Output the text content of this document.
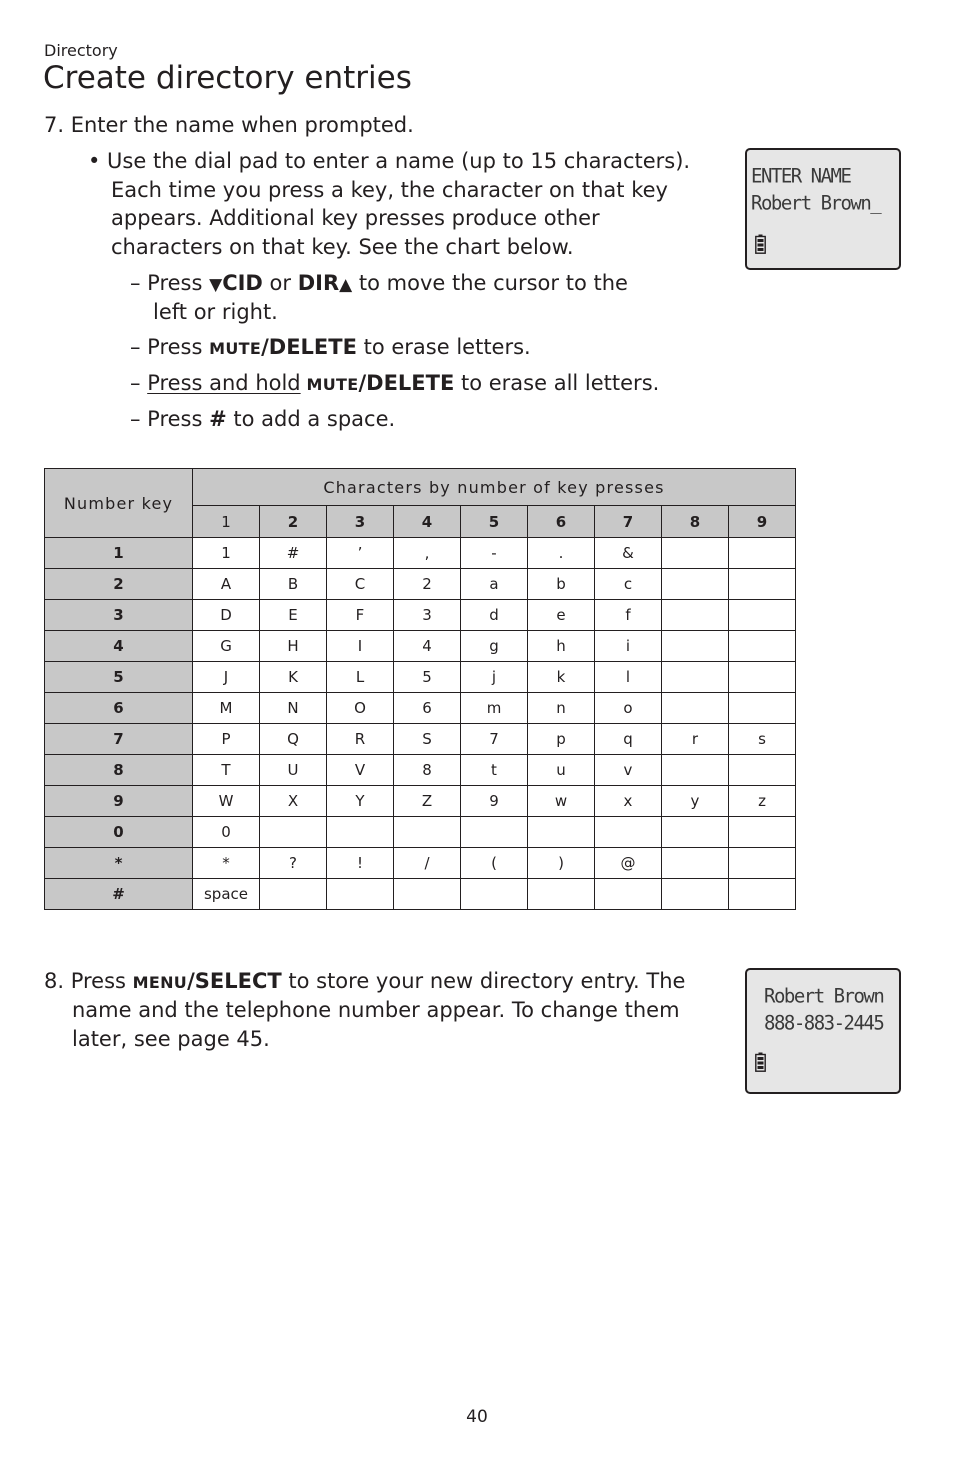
Directory
Create directory entries
7. Enter the name when prompted.
• Use the dial pad to enter a name (up to 15 characters).
Each time you press a key, the character on that key
appears. Additional key presses produce other
characters on that key. See the chart below.
– Press ▼CID or DIR▲ to move the cursor to the
left or right.
– Press MUTE/DELETE to erase letters.
– Press and hold MUTE/DELETE to erase all letters.
– Press # to add a space.
ENTER NAME
Robert Brown_
Number key	Characters by number of key presses								
	1	2	3	4	5	6	7	8	9
1	1	#	’	,	-	.	&		
2	A	B	C	2	a	b	c		
3	D	E	F	3	d	e	f		
4	G	H	I	4	g	h	i		
5	J	K	L	5	j	k	l		
6	M	N	O	6	m	n	o		
7	P	Q	R	S	7	p	q	r	s
8	T	U	V	8	t	u	v		
9	W	X	Y	Z	9	w	x	y	z
0	0								
*	*	?	!	/	(	)	@		
#	space								
8. Press MENU/SELECT to store your new directory entry. The
name and the telephone number appear. To change them
later, see page 45.
Robert Brown
888-883-2445
40
